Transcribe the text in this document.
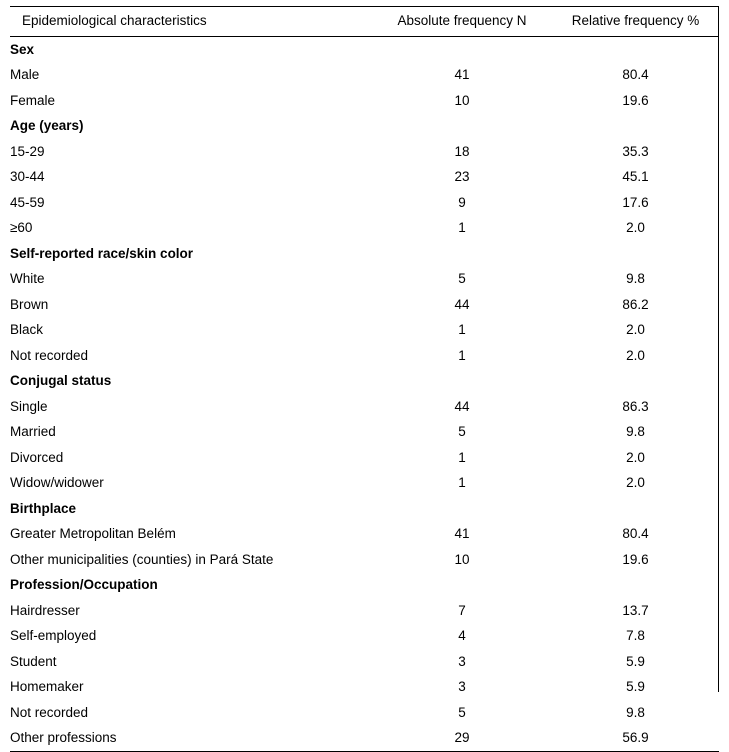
Epidemiological characteristics	Absolute frequency N	Relative frequency %
Sex		
Male	41	80.4
Female	10	19.6
Age (years)		
15-29	18	35.3
30-44	23	45.1
45-59	9	17.6
≥60	1	2.0
Self-reported race/skin color		
White	5	9.8
Brown	44	86.2
Black	1	2.0
Not recorded	1	2.0
Conjugal status		
Single	44	86.3
Married	5	9.8
Divorced	1	2.0
Widow/widower	1	2.0
Birthplace		
Greater Metropolitan Belém	41	80.4
Other municipalities (counties) in Pará State	10	19.6
Profession/Occupation		
Hairdresser	7	13.7
Self-employed	4	7.8
Student	3	5.9
Homemaker	3	5.9
Not recorded	5	9.8
Other professions	29	56.9
